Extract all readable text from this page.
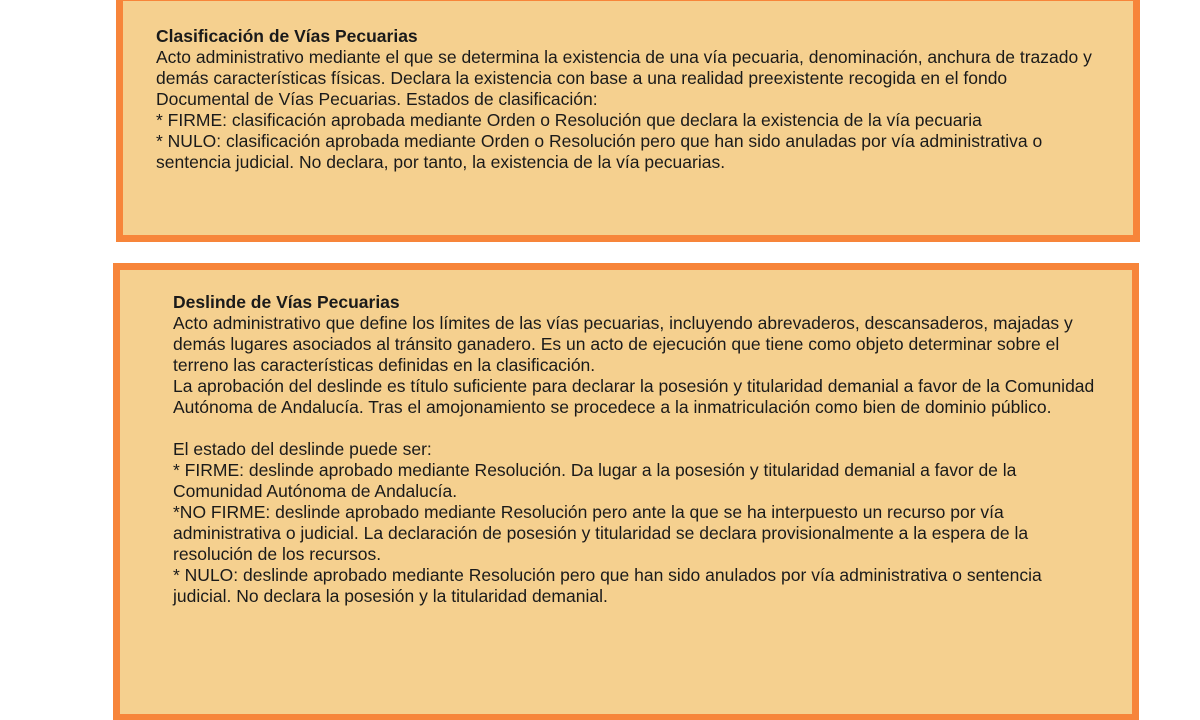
Clasificación de Vías Pecuarias

Acto administrativo mediante el que se determina la existencia de una vía pecuaria, denominación, anchura de trazado y demás características físicas. Declara la existencia con base a una realidad preexistente recogida en el fondo Documental de Vías Pecuarias. Estados de clasificación:

* FIRME: clasificación aprobada mediante Orden o Resolución que declara la existencia de la vía pecuaria

* NULO: clasificación aprobada mediante Orden o Resolución pero que han sido anuladas por vía administrativa o sentencia judicial. No declara, por tanto, la existencia de la vía pecuarias.

Deslinde de Vías Pecuarias

Acto administrativo que define los límites de las vías pecuarias, incluyendo abrevaderos, descansaderos, majadas y demás lugares asociados al tránsito ganadero. Es un acto de ejecución que tiene como objeto determinar sobre el terreno las características definidas en la clasificación.

La aprobación del deslinde es título suficiente para declarar la posesión y titularidad demanial a favor de la Comunidad Autónoma de Andalucía. Tras el amojonamiento se procedece a la inmatriculación como bien de dominio público.

El estado del deslinde puede ser:

* FIRME: deslinde aprobado mediante Resolución. Da lugar a la posesión y titularidad demanial a favor de la Comunidad Autónoma de Andalucía.

*NO FIRME: deslinde aprobado mediante Resolución pero ante la que se ha interpuesto un recurso por vía administrativa o judicial. La declaración de posesión y titularidad se declara provisionalmente a la espera de la resolución de los recursos.

* NULO: deslinde aprobado mediante Resolución pero que han sido anulados por vía administrativa o sentencia judicial. No declara la posesión y la titularidad demanial.
